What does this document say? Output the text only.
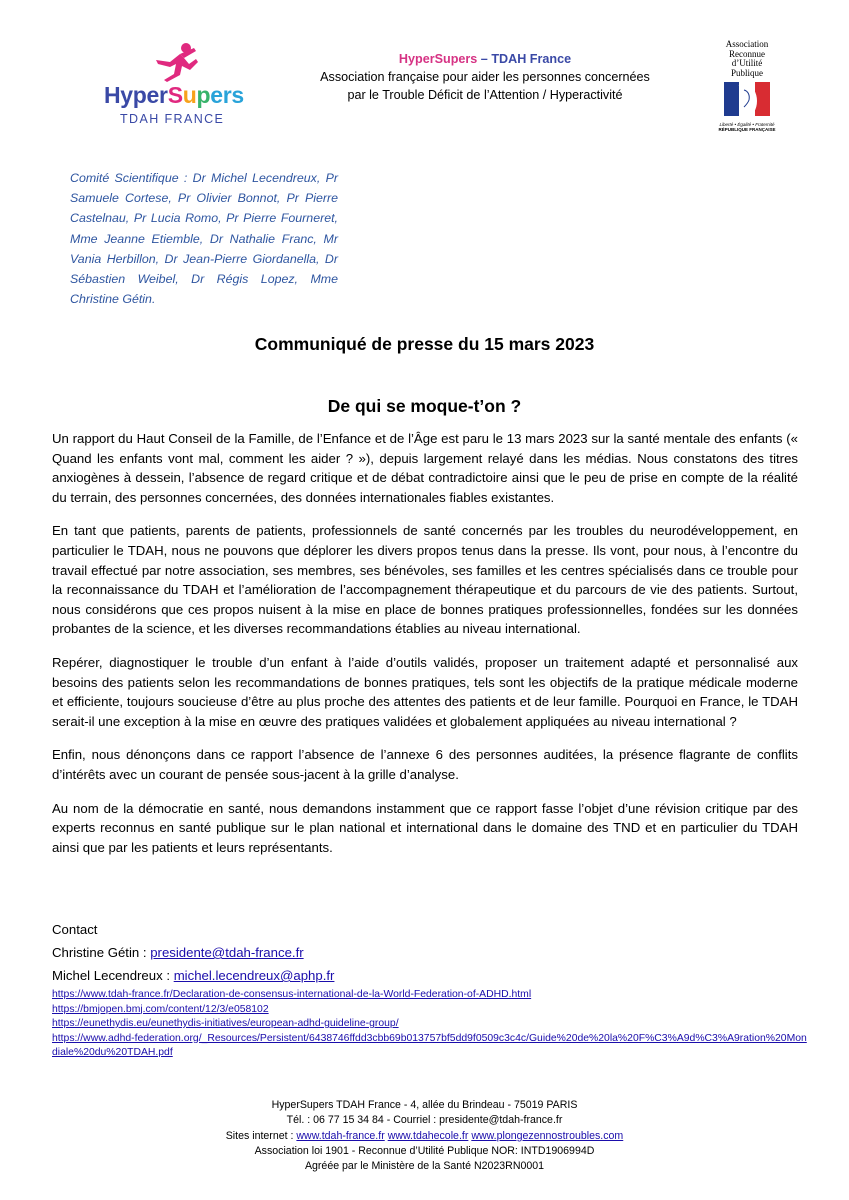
HyperSupers
TDAH FRANCE
HyperSupers – TDAH France
Association française pour aider les personnes concernées
par le Trouble Déficit de l’Attention / Hyperactivité
Association
Reconnue
d’Utilité
Publique
Liberté • Égalité • Fraternité
RÉPUBLIQUE FRANÇAISE
Comité Scientifique : Dr Michel Lecendreux, Pr Samuele Cortese, Pr Olivier Bonnot, Pr Pierre Castelnau, Pr Lucia Romo, Pr Pierre Fourneret, Mme Jeanne Etiemble, Dr Nathalie Franc, Mr Vania Herbillon, Dr Jean-Pierre Giordanella, Dr Sébastien Weibel, Dr Régis Lopez, Mme Christine Gétin.
Communiqué de presse du 15 mars 2023
De qui se moque-t’on ?

Un rapport du Haut Conseil de la Famille, de l’Enfance et de l’Âge est paru le 13 mars 2023 sur la santé mentale des enfants (« Quand les enfants vont mal, comment les aider ? »), depuis largement relayé dans les médias. Nous constatons des titres anxiogènes à dessein, l’absence de regard critique et de débat contradictoire ainsi que le peu de prise en compte de la réalité du terrain, des personnes concernées, des données internationales fiables existantes.

En tant que patients, parents de patients, professionnels de santé concernés par les troubles du neurodéveloppement, en particulier le TDAH, nous ne pouvons que déplorer les divers propos tenus dans la presse. Ils vont, pour nous, à l’encontre du travail effectué par notre association, ses membres, ses bénévoles, ses familles et les centres spécialisés dans ce trouble pour la reconnaissance du TDAH et l’amélioration de l’accompagnement thérapeutique et du parcours de vie des patients. Surtout, nous considérons que ces propos nuisent à la mise en place de bonnes pratiques professionnelles, fondées sur les données probantes de la science, et les diverses recommandations établies au niveau international.

Repérer, diagnostiquer le trouble d’un enfant à l’aide d’outils validés, proposer un traitement adapté et personnalisé aux besoins des patients selon les recommandations de bonnes pratiques, tels sont les objectifs de la pratique médicale moderne et efficiente, toujours soucieuse d’être au plus proche des attentes des patients et de leur famille. Pourquoi en France, le TDAH serait-il une exception à la mise en œuvre des pratiques validées et globalement appliquées au niveau international ?

Enfin, nous dénonçons dans ce rapport l’absence de l’annexe 6 des personnes auditées, la présence flagrante de conflits d’intérêts avec un courant de pensée sous-jacent à la grille d’analyse.

Au nom de la démocratie en santé, nous demandons instamment que ce rapport fasse l’objet d’une révision critique par des experts reconnus en santé publique sur le plan national et international dans le domaine des TND et en particulier du TDAH ainsi que par les patients et leurs représentants.

Contact
Christine Gétin : presidente@tdah-france.fr
Michel Lecendreux : michel.lecendreux@aphp.fr
https://www.tdah-france.fr/Declaration-de-consensus-international-de-la-World-Federation-of-ADHD.html
https://bmjopen.bmj.com/content/12/3/e058102
https://eunethydis.eu/eunethydis-initiatives/european-adhd-guideline-group/
https://www.adhd-federation.org/_Resources/Persistent/6438746ffdd3cbb69b013757bf5dd9f0509c3c4c/Guide%20de%20la%20F%C3%A9d%C3%A9ration%20Mondiale%20du%20TDAH.pdf
HyperSupers TDAH France - 4, allée du Brindeau - 75019 PARIS
Tél. : 06 77 15 34 84 - Courriel : presidente@tdah-france.fr
Sites internet : www.tdah-france.fr www.tdahecole.fr www.plongezennostroubles.com
Association loi 1901 - Reconnue d’Utilité Publique NOR: INTD1906994D
Agréée par le Ministère de la Santé N2023RN0001
